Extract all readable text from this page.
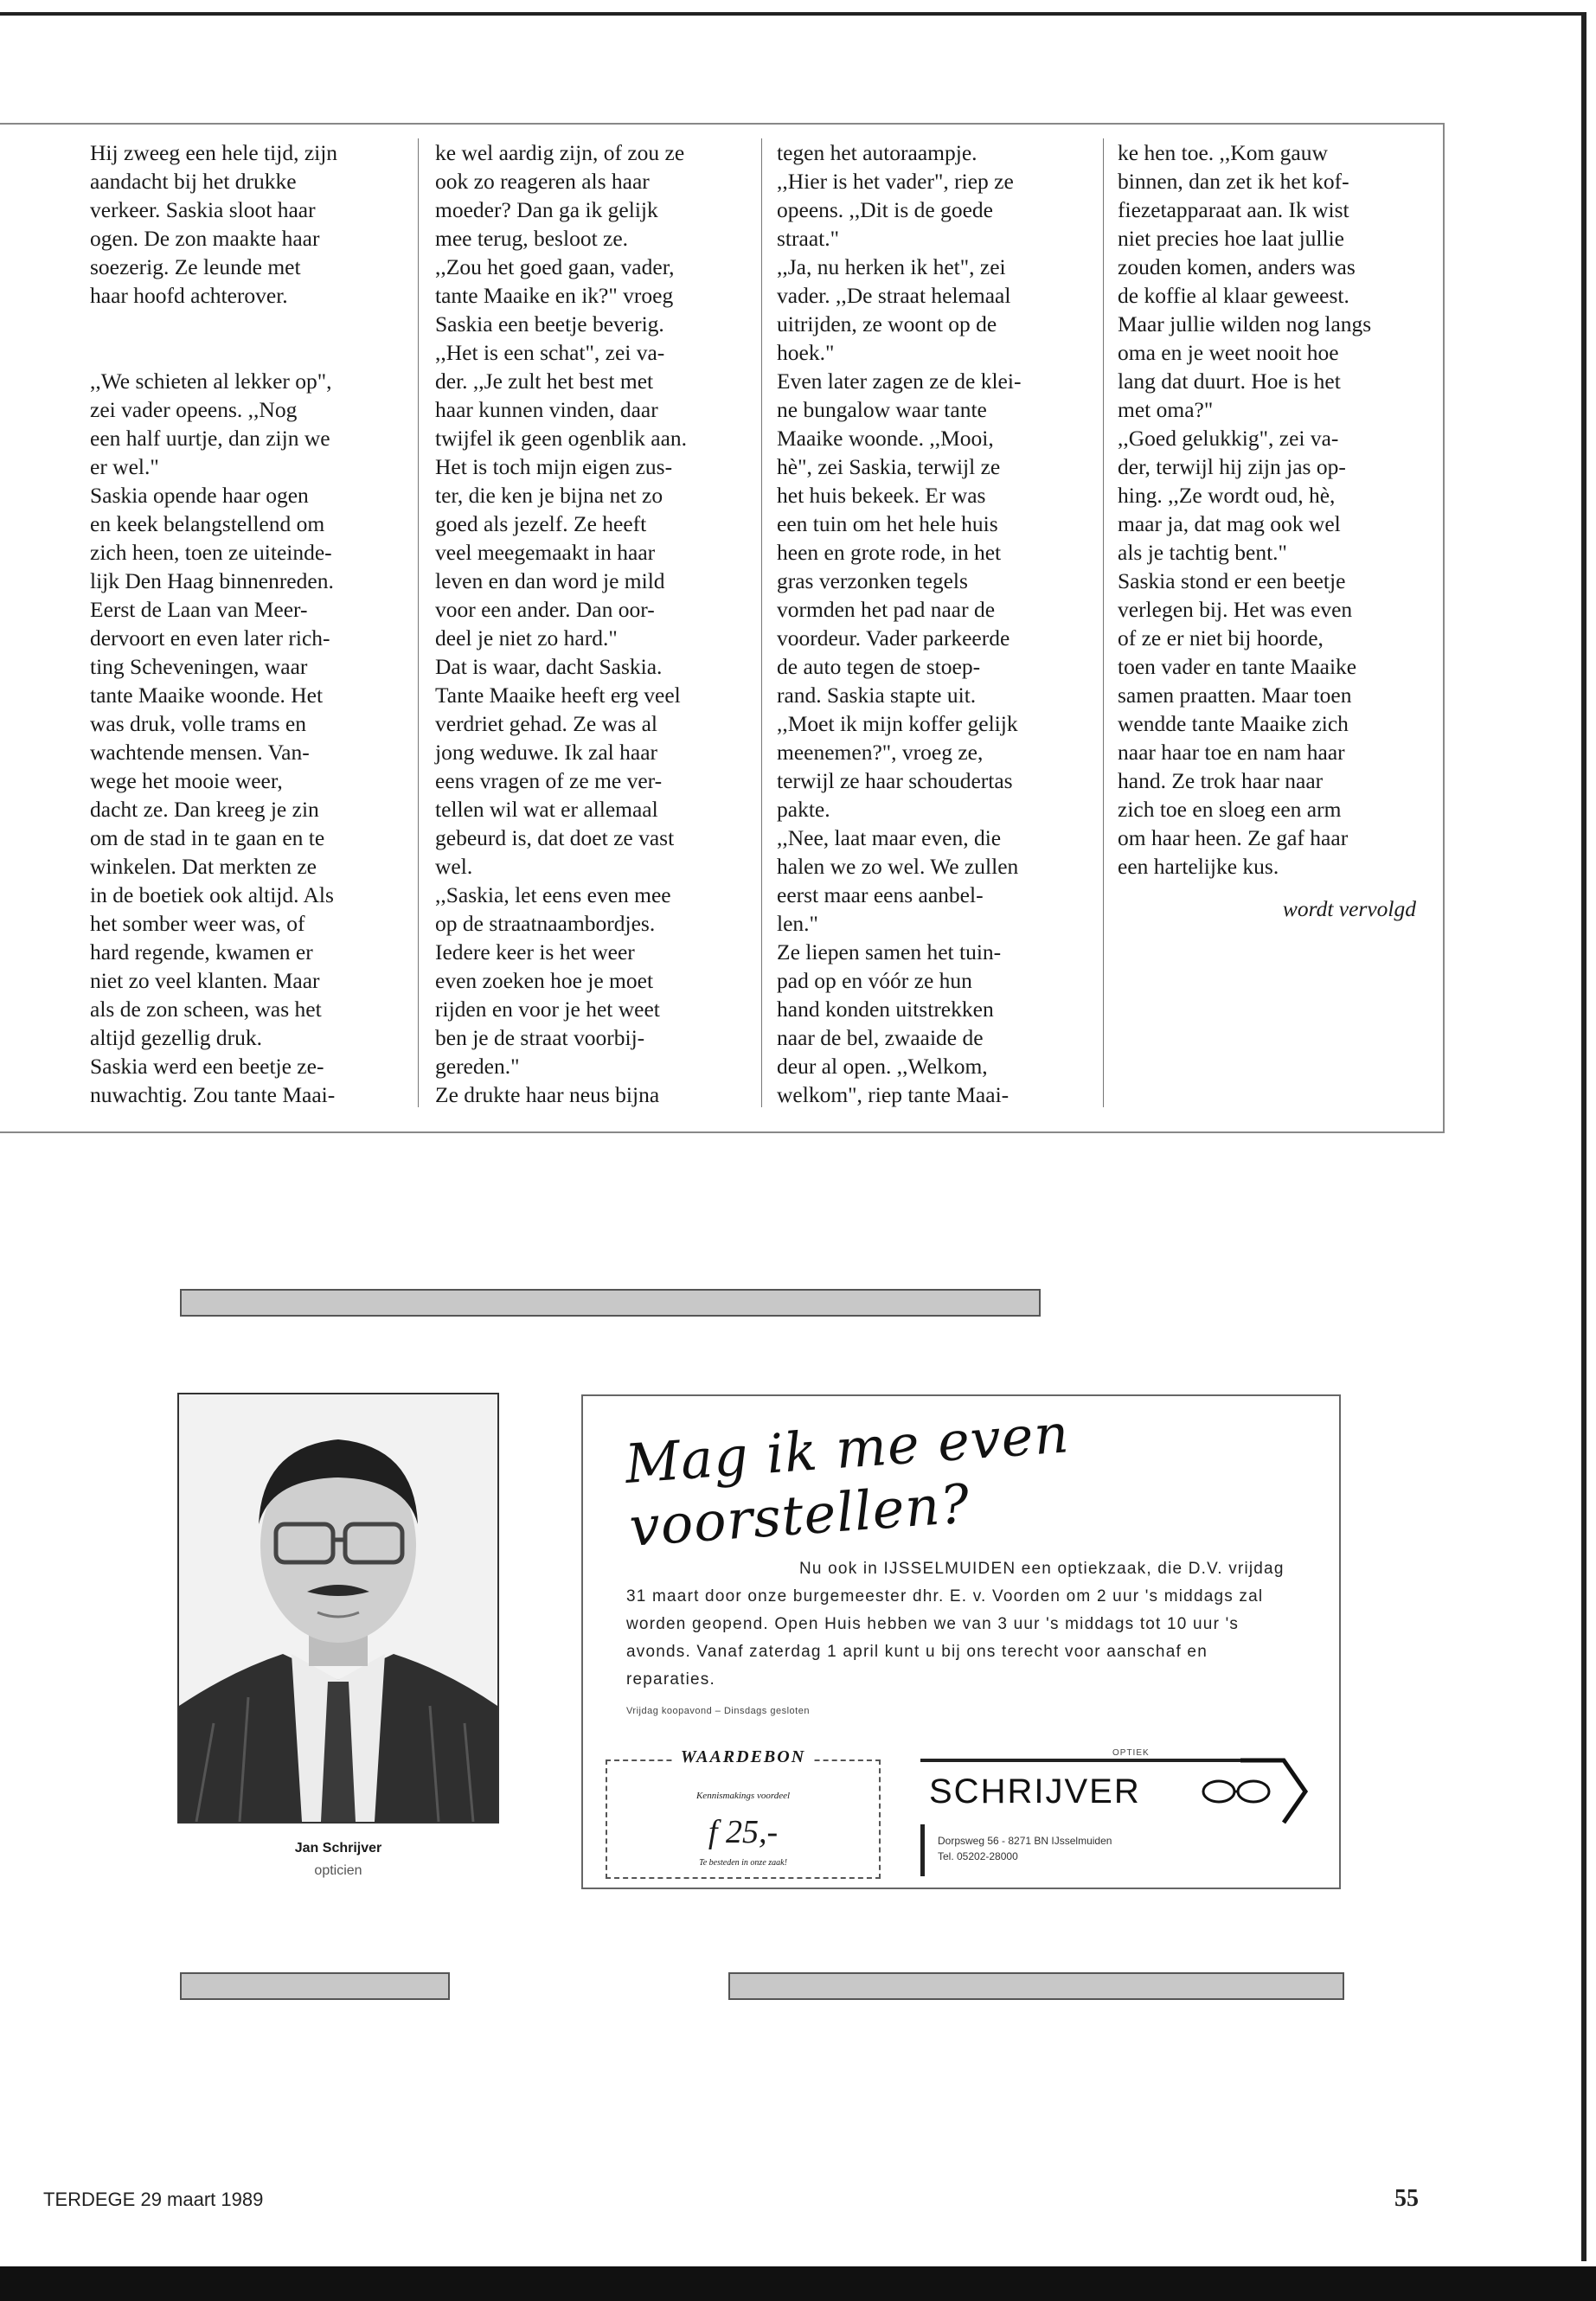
Hij zweeg een hele tijd, zijn
aandacht bij het drukke
verkeer. Saskia sloot haar
ogen. De zon maakte haar
soezerig. Ze leunde met
haar hoofd achterover.

,,We schieten al lekker op",
zei vader opeens. ,,Nog
een half uurtje, dan zijn we
er wel."
Saskia opende haar ogen
en keek belangstellend om
zich heen, toen ze uiteinde-
lijk Den Haag binnenreden.
Eerst de Laan van Meer-
dervoort en even later rich-
ting Scheveningen, waar
tante Maaike woonde. Het
was druk, volle trams en
wachtende mensen. Van-
wege het mooie weer,
dacht ze. Dan kreeg je zin
om de stad in te gaan en te
winkelen. Dat merkten ze
in de boetiek ook altijd. Als
het somber weer was, of
hard regende, kwamen er
niet zo veel klanten. Maar
als de zon scheen, was het
altijd gezellig druk.
Saskia werd een beetje ze-
nuwachtig. Zou tante Maai-

ke wel aardig zijn, of zou ze
ook zo reageren als haar
moeder? Dan ga ik gelijk
mee terug, besloot ze.
,,Zou het goed gaan, vader,
tante Maaike en ik?" vroeg
Saskia een beetje beverig.
,,Het is een schat", zei va-
der. ,,Je zult het best met
haar kunnen vinden, daar
twijfel ik geen ogenblik aan.
Het is toch mijn eigen zus-
ter, die ken je bijna net zo
goed als jezelf. Ze heeft
veel meegemaakt in haar
leven en dan word je mild
voor een ander. Dan oor-
deel je niet zo hard."
Dat is waar, dacht Saskia.
Tante Maaike heeft erg veel
verdriet gehad. Ze was al
jong weduwe. Ik zal haar
eens vragen of ze me ver-
tellen wil wat er allemaal
gebeurd is, dat doet ze vast
wel.
,,Saskia, let eens even mee
op de straatnaambordjes.
Iedere keer is het weer
even zoeken hoe je moet
rijden en voor je het weet
ben je de straat voorbij-
gereden."
Ze drukte haar neus bijna

tegen het autoraampje.
,,Hier is het vader", riep ze
opeens. ,,Dit is de goede
straat."
,,Ja, nu herken ik het", zei
vader. ,,De straat helemaal
uitrijden, ze woont op de
hoek."
Even later zagen ze de klei-
ne bungalow waar tante
Maaike woonde. ,,Mooi,
hè", zei Saskia, terwijl ze
het huis bekeek. Er was
een tuin om het hele huis
heen en grote rode, in het
gras verzonken tegels
vormden het pad naar de
voordeur. Vader parkeerde
de auto tegen de stoep-
rand. Saskia stapte uit.
,,Moet ik mijn koffer gelijk
meenemen?", vroeg ze,
terwijl ze haar schoudertas
pakte.
,,Nee, laat maar even, die
halen we zo wel. We zullen
eerst maar eens aanbel-
len."
Ze liepen samen het tuin-
pad op en vóór ze hun
hand konden uitstrekken
naar de bel, zwaaide de
deur al open. ,,Welkom,
welkom", riep tante Maai-

ke hen toe. ,,Kom gauw
binnen, dan zet ik het kof-
fiezetapparaat aan. Ik wist
niet precies hoe laat jullie
zouden komen, anders was
de koffie al klaar geweest.
Maar jullie wilden nog langs
oma en je weet nooit hoe
lang dat duurt. Hoe is het
met oma?"
,,Goed gelukkig", zei va-
der, terwijl hij zijn jas op-
hing. ,,Ze wordt oud, hè,
maar ja, dat mag ook wel
als je tachtig bent."
Saskia stond er een beetje
verlegen bij. Het was even
of ze er niet bij hoorde,
toen vader en tante Maaike
samen praatten. Maar toen
wendde tante Maaike zich
naar haar toe en nam haar
hand. Ze trok haar naar
zich toe en sloeg een arm
om haar heen. Ze gaf haar
een hartelijke kus.

wordt vervolgd

Jan Schrijver
opticien
Mag ik me even voorstellen?
Nu ook in IJSSELMUIDEN een optiekzaak, die D.V. vrijdag 31 maart door onze burgemeester dhr. E. v. Voorden om 2 uur 's middags zal worden geopend. Open Huis hebben we van 3 uur 's middags tot 10 uur 's avonds. Vanaf zaterdag 1 april kunt u bij ons terecht voor aanschaf en reparaties.
Vrijdag koopavond – Dinsdags gesloten
WAARDEBON
Kennismakings voordeel
f 25,-
Te besteden in onze zaak!
OPTIEK
SCHRIJVER
Dorpsweg 56 - 8271 BN IJsselmuiden
Tel. 05202-28000
TERDEGE 29 maart 1989	55
